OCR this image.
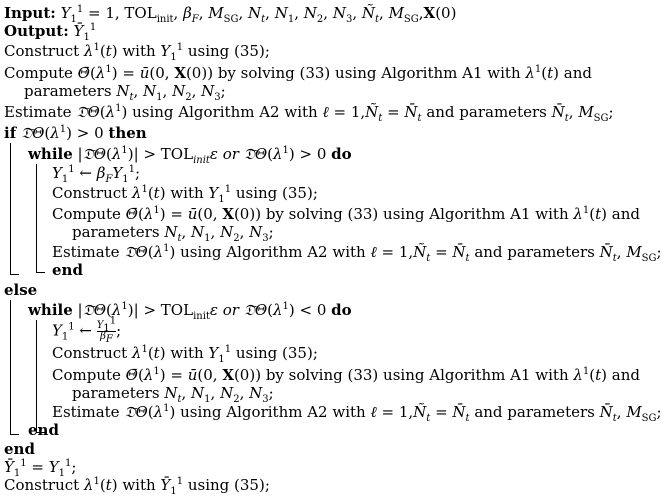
Input: $\Upsilon_1^1 = 1$, $TOL_{init}$, $\beta_F$, $M_{SG}$, $N_t$, $N_1$, $N_2$, $N_3$, $Ñ_t$, $M_{SG},X(0)$
Output: Ῡ$_1^1$
Construct $\lambda^1(t)$ with $\Upsilon_1^1$ using (35);
Compute $\Thetā(\lambda^1)$ = ū(0, X(0)) by solving (33) using Algorithm A1 with $\lambda^1(t)$ and
parameters $N_t$, $N_1$, $N_2$, $N_3$;
Estimate $𝔇̄\Theta(\lambda^1)$ using Algorithm A2 with ℓ = $1,Ñ_t$ = $N̄_t$ and parameters $N̄_t$, $M_{SG}$;
if $𝔇̄\Theta(\lambda^1) > 0$ then
while $|𝔇̄\Theta(\lambda^1)| > TOL_{init}\varepsilon$ or $𝔇̄\Theta(\lambda^1) > 0$ do
$\Upsilon_1^1$ ← $\beta_F\Upsilon_1^1$;
Construct $\lambda^1(t)$ with $\Upsilon_1^1$ using (35);
Compute $\Thetā(\lambda^1)$ = ū(0, X(0)) by solving (33) using Algorithm A1 with $\lambda^1(t)$ and
parameters $N_t$, $N_1$, $N_2$, $N_3$;
Estimate $𝔇̄\Theta(\lambda^1)$ using Algorithm A2 with ℓ = $1,Ñ_t$ = $N̄_t$ and parameters $N̄_t$, $M_{SG}$;
end
else
while $|𝔇̄\Theta(\lambda^1)| > TOL_{init}\varepsilon$ or $𝔇̄\Theta(\lambda^1) < 0$ do
$\Upsilon_1^1$ ← $\frac{\Upsilon_1^1}{\beta_F}$ ;
Construct $\lambda^1(t)$ with $\Upsilon_1^1$ using (35);
Compute $\Thetā(\lambda^1)$ = ū(0, X(0)) by solving (33) using Algorithm A1 with $\lambda^1(t)$ and
parameters $N_t$, $N_1$, $N_2$, $N_3$;
Estimate $𝔇̄\Theta(\lambda^1)$ using Algorithm A2 with ℓ = $1,Ñ_t$ = $N̄_t$ and parameters $N̄_t$, $M_{SG}$;
end
end
Ῡ$_1^1$ = $\Upsilon_1^1$;
Construct $\lambda^1(t)$ with Ῡ$_1^1$ using (35);
